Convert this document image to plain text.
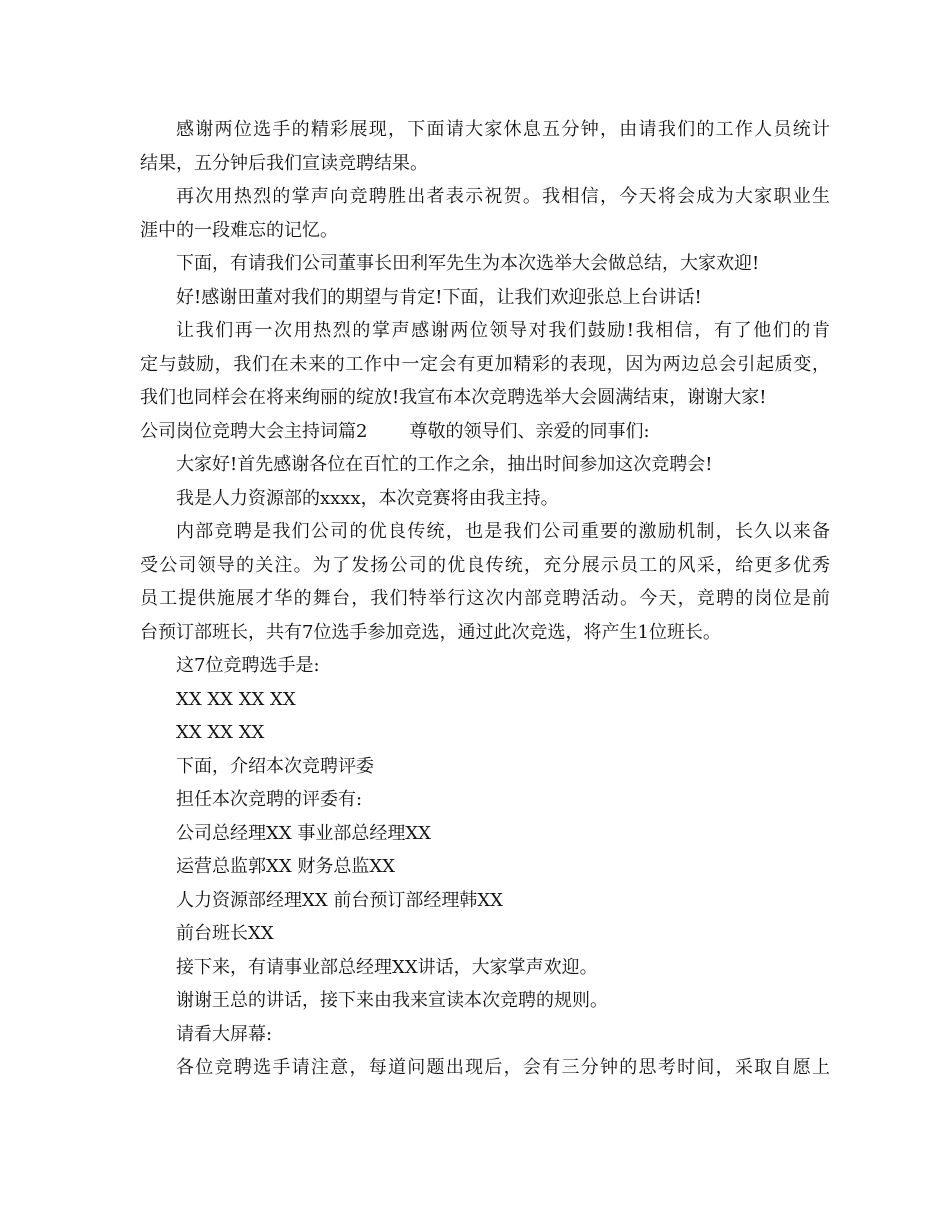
感谢两位选手的精彩展现，下面请大家休息五分钟，由请我们的工作人员统计
结果，五分钟后我们宣读竞聘结果。
再次用热烈的掌声向竞聘胜出者表示祝贺。我相信，今天将会成为大家职业生
涯中的一段难忘的记忆。
下面，有请我们公司董事长田利军先生为本次选举大会做总结，大家欢迎!
好!感谢田董对我们的期望与肯定!下面，让我们欢迎张总上台讲话!
让我们再一次用热烈的掌声感谢两位领导对我们鼓励!我相信，有了他们的肯
定与鼓励，我们在未来的工作中一定会有更加精彩的表现，因为两边总会引起质变，
我们也同样会在将来绚丽的绽放!我宣布本次竞聘选举大会圆满结束，谢谢大家!
公司岗位竞聘大会主持词篇2 尊敬的领导们、亲爱的同事们:
大家好!首先感谢各位在百忙的工作之余，抽出时间参加这次竞聘会!
我是人力资源部的xxxx，本次竞赛将由我主持。
内部竞聘是我们公司的优良传统，也是我们公司重要的激励机制，长久以来备
受公司领导的关注。为了发扬公司的优良传统，充分展示员工的风采，给更多优秀
员工提供施展才华的舞台，我们特举行这次内部竞聘活动。今天，竞聘的岗位是前
台预订部班长，共有7位选手参加竞选，通过此次竞选，将产生1位班长。
这7位竞聘选手是:
XX XX XX XX
XX XX XX
下面，介绍本次竞聘评委
担任本次竞聘的评委有:
公司总经理XX 事业部总经理XX
运营总监郭XX 财务总监XX
人力资源部经理XX 前台预订部经理韩XX
前台班长XX
接下来，有请事业部总经理XX讲话，大家掌声欢迎。
谢谢王总的讲话，接下来由我来宣读本次竞聘的规则。
请看大屏幕:
各位竞聘选手请注意，每道问题出现后，会有三分钟的思考时间，采取自愿上
